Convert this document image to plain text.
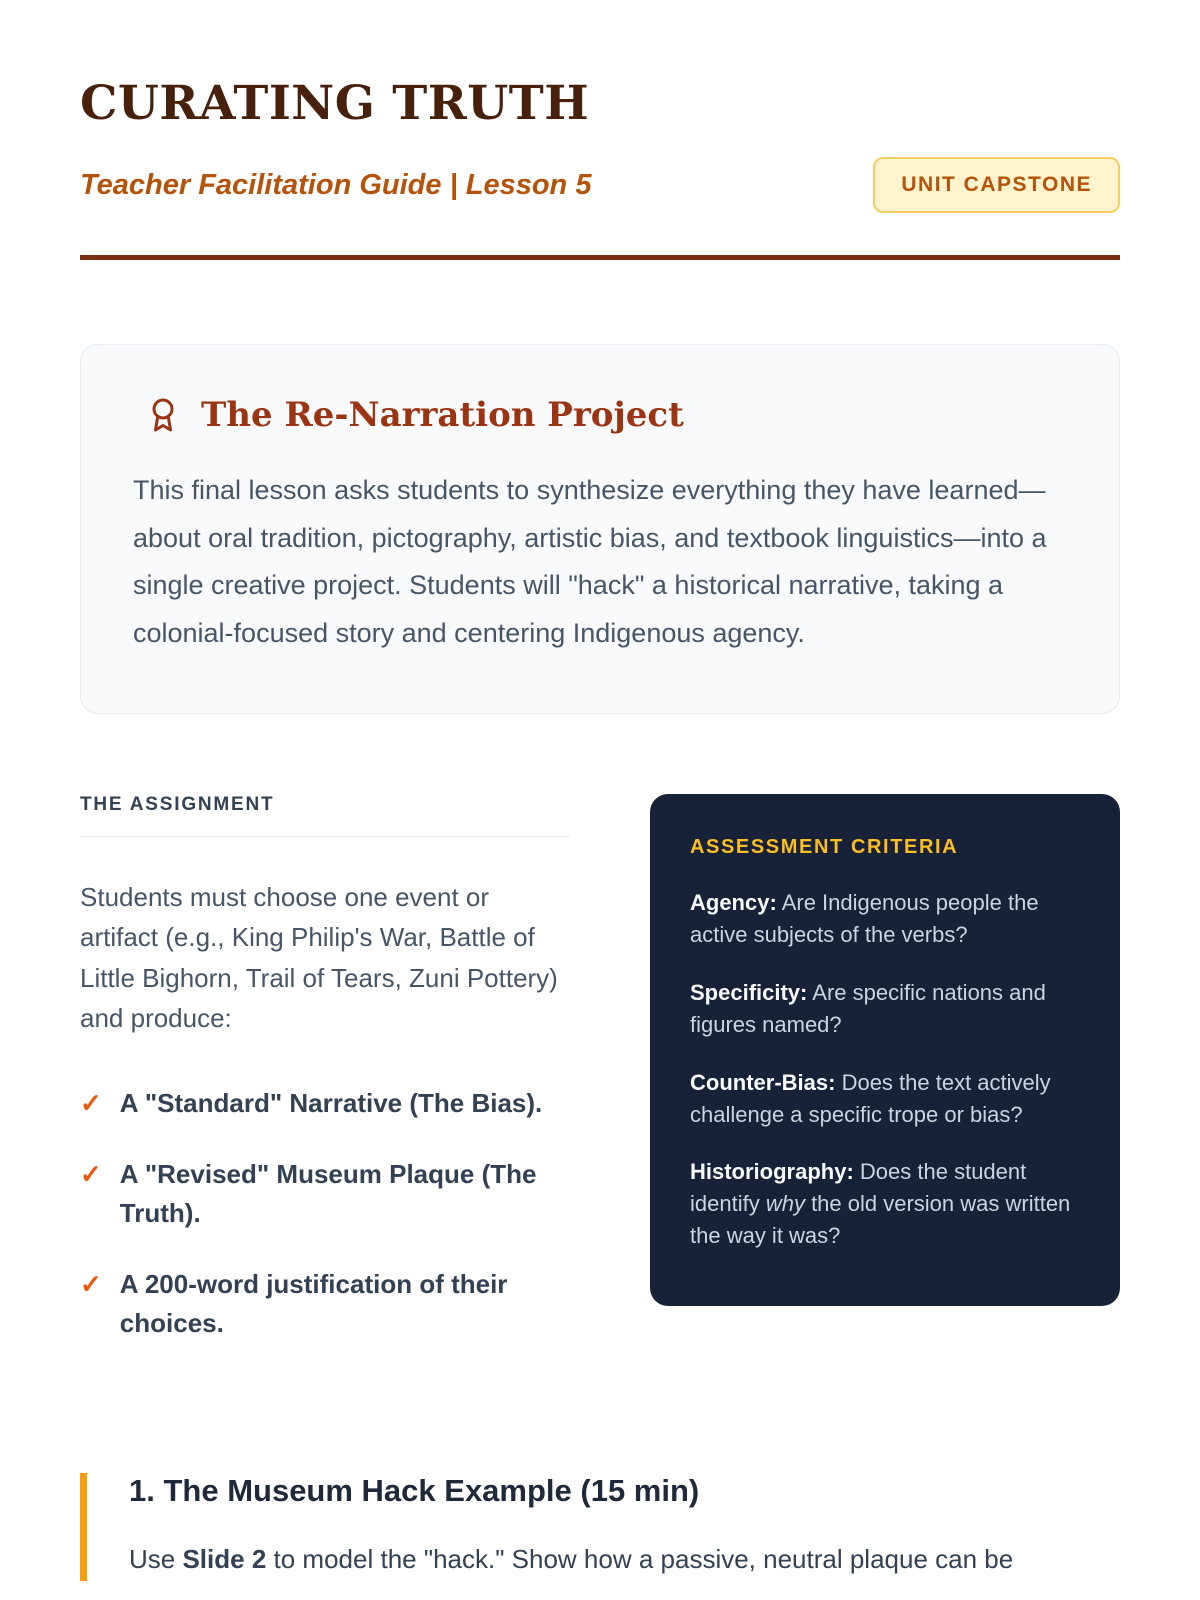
CURATING TRUTH
Teacher Facilitation Guide | Lesson 5	UNIT CAPSTONE
The Re-Narration Project
This final lesson asks students to synthesize everything they have learned—about oral tradition, pictography, artistic bias, and textbook linguistics—into a single creative project. Students will "hack" a historical narrative, taking a colonial-focused story and centering Indigenous agency.
THE ASSIGNMENT
Students must choose one event or artifact (e.g., King Philip's War, Battle of Little Bighorn, Trail of Tears, Zuni Pottery) and produce:
✓ A "Standard" Narrative (The Bias).
✓ A "Revised" Museum Plaque (The Truth).
✓ A 200-word justification of their choices.
ASSESSMENT CRITERIA

Agency: Are Indigenous people the active subjects of the verbs?

Specificity: Are specific nations and figures named?

Counter-Bias: Does the text actively challenge a specific trope or bias?

Historiography: Does the student identify why the old version was written the way it was?

1. The Museum Hack Example (15 min)
Use Slide 2 to model the "hack." Show how a passive, neutral plaque can be
